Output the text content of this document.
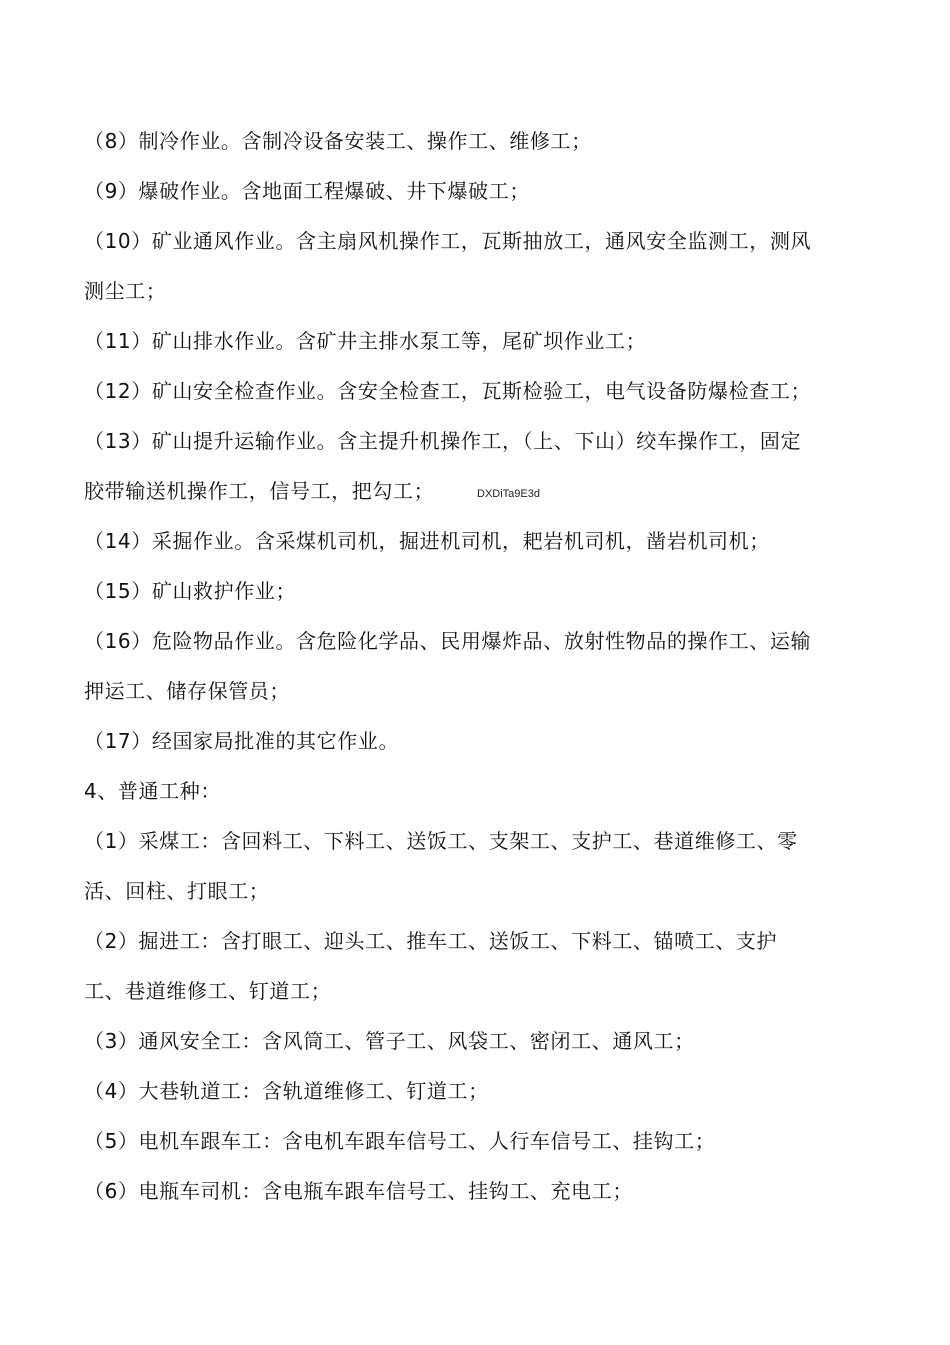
（8）制冷作业。含制冷设备安装工、操作工、维修工；
（9）爆破作业。含地面工程爆破、井下爆破工；
（10）矿业通风作业。含主扇风机操作工，瓦斯抽放工，通风安全监测工，测风
测尘工；
（11）矿山排水作业。含矿井主排水泵工等，尾矿坝作业工；
（12）矿山安全检查作业。含安全检查工，瓦斯检验工，电气设备防爆检查工；
（13）矿山提升运输作业。含主提升机操作工，（上、下山）绞车操作工，固定
胶带输送机操作工，信号工，把勾工；	DXDiTa9E3d
（14）采掘作业。含采煤机司机，掘进机司机，耙岩机司机，凿岩机司机；
（15）矿山救护作业；
（16）危险物品作业。含危险化学品、民用爆炸品、放射性物品的操作工、运输
押运工、储存保管员；
（17）经国家局批准的其它作业。
4、普通工种：
（1）采煤工：含回料工、下料工、送饭工、支架工、支护工、巷道维修工、零
活、回柱、打眼工；
（2）掘进工：含打眼工、迎头工、推车工、送饭工、下料工、锚喷工、支护
工、巷道维修工、钉道工；
（3）通风安全工：含风筒工、管子工、风袋工、密闭工、通风工；
（4）大巷轨道工：含轨道维修工、钉道工；
（5）电机车跟车工：含电机车跟车信号工、人行车信号工、挂钩工；
（6）电瓶车司机：含电瓶车跟车信号工、挂钩工、充电工；
